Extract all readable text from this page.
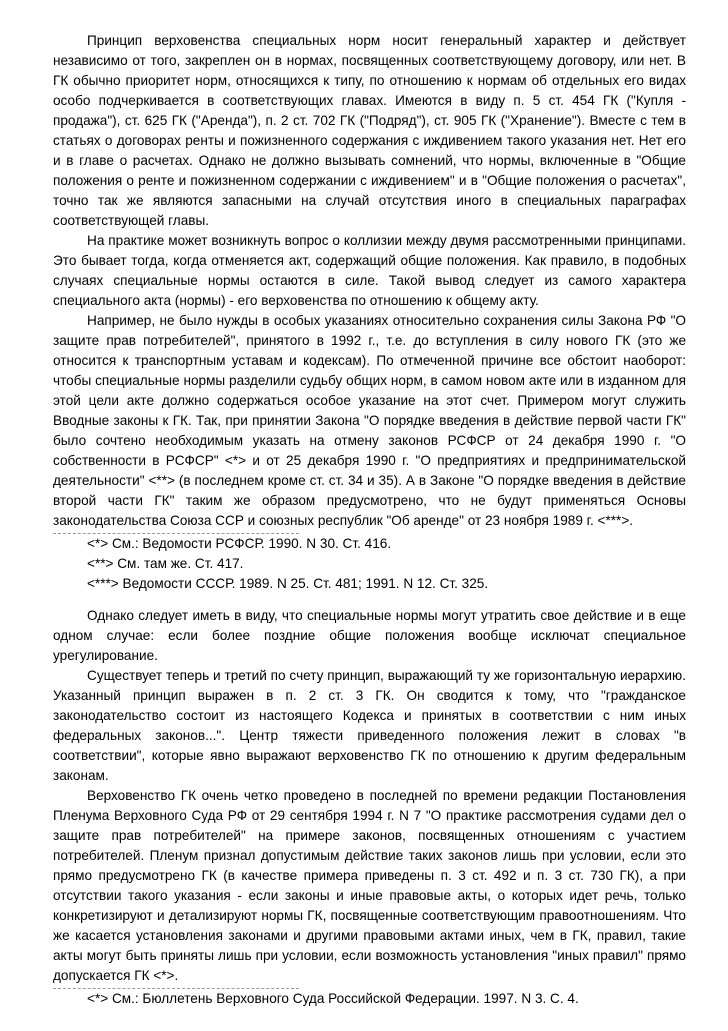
Принцип верховенства специальных норм носит генеральный характер и действует независимо от того, закреплен он в нормах, посвященных соответствующему договору, или нет. В ГК обычно приоритет норм, относящихся к типу, по отношению к нормам об отдельных его видах особо подчеркивается в соответствующих главах. Имеются в виду п. 5 ст. 454 ГК ("Купля - продажа"), ст. 625 ГК ("Аренда"), п. 2 ст. 702 ГК ("Подряд"), ст. 905 ГК ("Хранение"). Вместе с тем в статьях о договорах ренты и пожизненного содержания с иждивением такого указания нет. Нет его и в главе о расчетах. Однако не должно вызывать сомнений, что нормы, включенные в "Общие положения о ренте и пожизненном содержании с иждивением" и в "Общие положения о расчетах", точно так же являются запасными на случай отсутствия иного в специальных параграфах соответствующей главы.

На практике может возникнуть вопрос о коллизии между двумя рассмотренными принципами. Это бывает тогда, когда отменяется акт, содержащий общие положения. Как правило, в подобных случаях специальные нормы остаются в силе. Такой вывод следует из самого характера специального акта (нормы) - его верховенства по отношению к общему акту.

Например, не было нужды в особых указаниях относительно сохранения силы Закона РФ "О защите прав потребителей", принятого в 1992 г., т.е. до вступления в силу нового ГК (это же относится к транспортным уставам и кодексам). По отмеченной причине все обстоит наоборот: чтобы специальные нормы разделили судьбу общих норм, в самом новом акте или в изданном для этой цели акте должно содержаться особое указание на этот счет. Примером могут служить Вводные законы к ГК. Так, при принятии Закона "О порядке введения в действие первой части ГК" было сочтено необходимым указать на отмену законов РСФСР от 24 декабря 1990 г. "О собственности в РСФСР" <*> и от 25 декабря 1990 г. "О предприятиях и предпринимательской деятельности" <**> (в последнем кроме ст. ст. 34 и 35). А в Законе "О порядке введения в действие второй части ГК" таким же образом предусмотрено, что не будут применяться Основы законодательства Союза ССР и союзных республик "Об аренде" от 23 ноября 1989 г. <***>.

<*> См.: Ведомости РСФСР. 1990. N 30. Ст. 416.

<**> См. там же. Ст. 417.

<***> Ведомости СССР. 1989. N 25. Ст. 481; 1991. N 12. Ст. 325.

Однако следует иметь в виду, что специальные нормы могут утратить свое действие и в еще одном случае: если более поздние общие положения вообще исключат специальное урегулирование.

Существует теперь и третий по счету принцип, выражающий ту же горизонтальную иерархию. Указанный принцип выражен в п. 2 ст. 3 ГК. Он сводится к тому, что "гражданское законодательство состоит из настоящего Кодекса и принятых в соответствии с ним иных федеральных законов...". Центр тяжести приведенного положения лежит в словах "в соответствии", которые явно выражают верховенство ГК по отношению к другим федеральным законам.

Верховенство ГК очень четко проведено в последней по времени редакции Постановления Пленума Верховного Суда РФ от 29 сентября 1994 г. N 7 "О практике рассмотрения судами дел о защите прав потребителей" на примере законов, посвященных отношениям с участием потребителей. Пленум признал допустимым действие таких законов лишь при условии, если это прямо предусмотрено ГК (в качестве примера приведены п. 3 ст. 492 и п. 3 ст. 730 ГК), а при отсутствии такого указания - если законы и иные правовые акты, о которых идет речь, только конкретизируют и детализируют нормы ГК, посвященные соответствующим правоотношениям. Что же касается установления законами и другими правовыми актами иных, чем в ГК, правил, такие акты могут быть приняты лишь при условии, если возможность установления "иных правил" прямо допускается ГК <*>.

<*> См.: Бюллетень Верховного Суда Российской Федерации. 1997. N 3. С. 4.
